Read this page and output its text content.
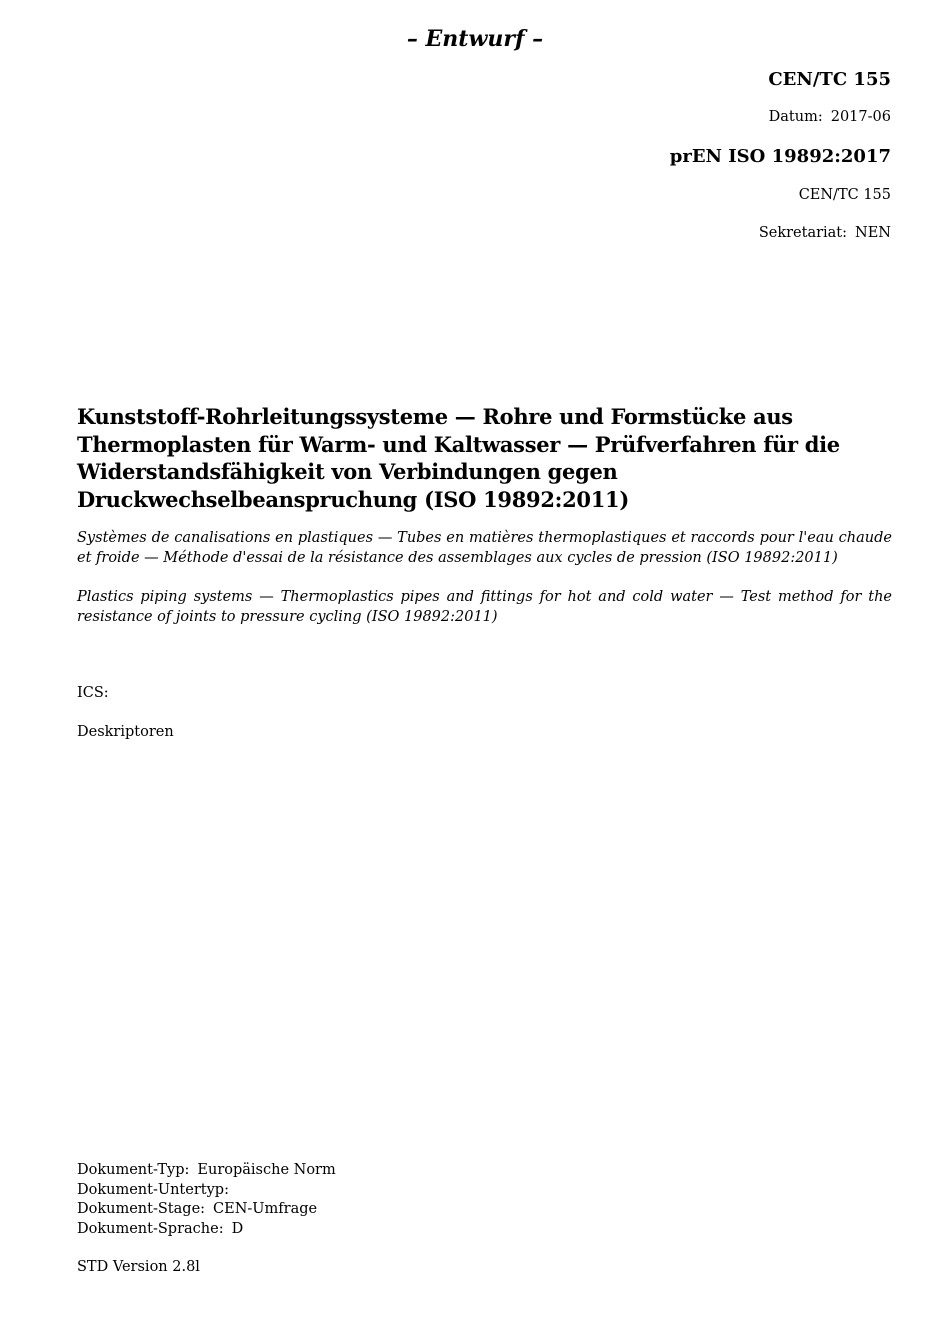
– Entwurf –
CEN/TC 155
Datum: 2017-06
prEN ISO 19892:2017
CEN/TC 155
Sekretariat: NEN
Kunststoff-Rohrleitungssysteme — Rohre und Formstücke aus Thermoplasten für Warm- und Kaltwasser — Prüfverfahren für die Widerstandsfähigkeit von Verbindungen gegen Druckwechselbeanspruchung (ISO 19892:2011)
Systèmes de canalisations en plastiques — Tubes en matières thermoplastiques et raccords pour l'eau chaude et froide — Méthode d'essai de la résistance des assemblages aux cycles de pression (ISO 19892:2011)
Plastics piping systems — Thermoplastics pipes and fittings for hot and cold water — Test method for the resistance of joints to pressure cycling (ISO 19892:2011)
ICS:
Deskriptoren
Dokument-Typ: Europäische Norm
Dokument-Untertyp:
Dokument-Stage: CEN-Umfrage
Dokument-Sprache: D
STD Version 2.8l
